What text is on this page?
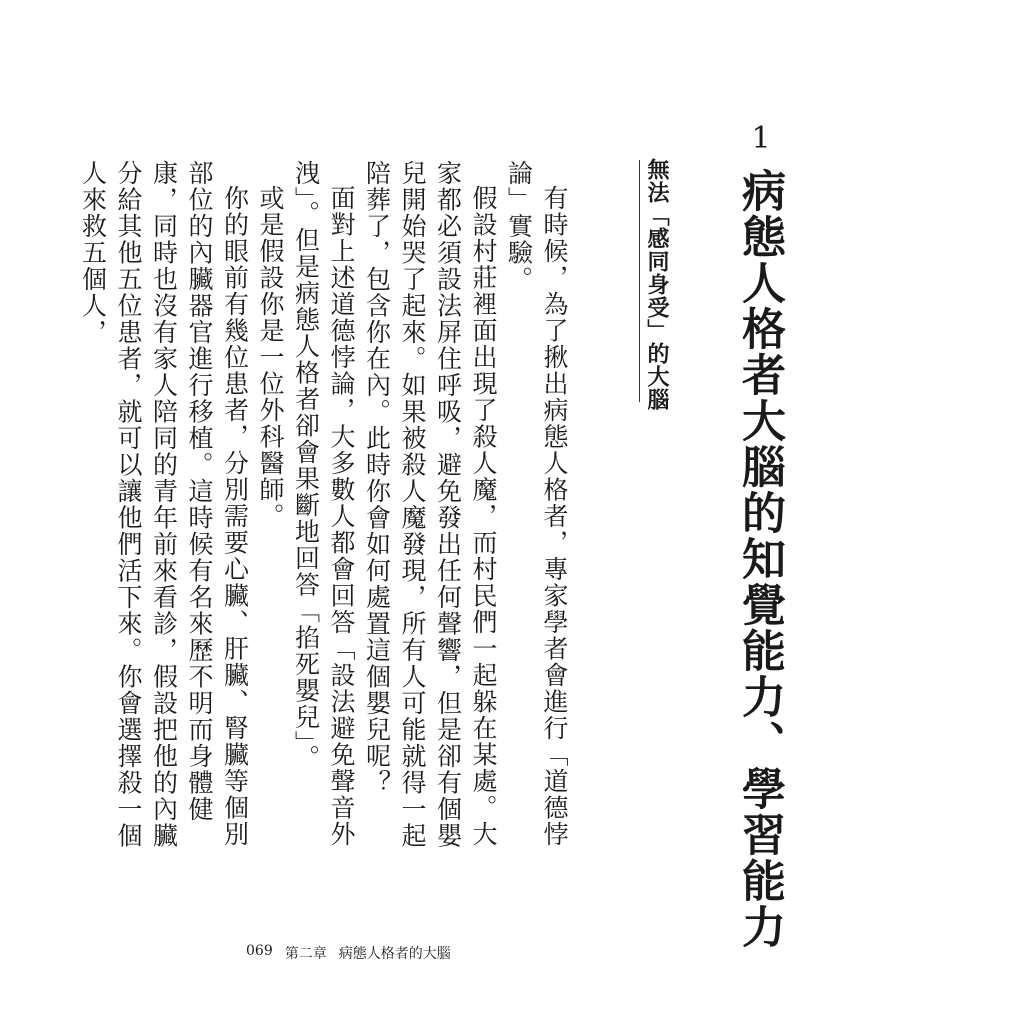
1
病態人格者大腦的知覺能力、學習能力
無法「感同身受」的大腦

有時候，為了揪出病態人格者，專家學者會進行「道德悖論」實驗。

假設村莊裡面出現了殺人魔，而村民們一起躲在某處。大家都必須設法屏住呼吸，避免發出任何聲響，但是卻有個嬰兒開始哭了起來。如果被殺人魔發現，所有人可能就得一起陪葬了，包含你在內。此時你會如何處置這個嬰兒呢？

面對上述道德悖論，大多數人都會回答「設法避免聲音外洩」。但是病態人格者卻會果斷地回答「掐死嬰兒」。

或是假設你是一位外科醫師。

你的眼前有幾位患者，分別需要心臟、肝臟、腎臟等個別部位的內臟器官進行移植。這時候有名來歷不明而身體健康，同時也沒有家人陪同的青年前來看診，假設把他的內臟分給其他五位患者，就可以讓他們活下來。你會選擇殺一個人來救五個人，

069 第二章 病態人格者的大腦
